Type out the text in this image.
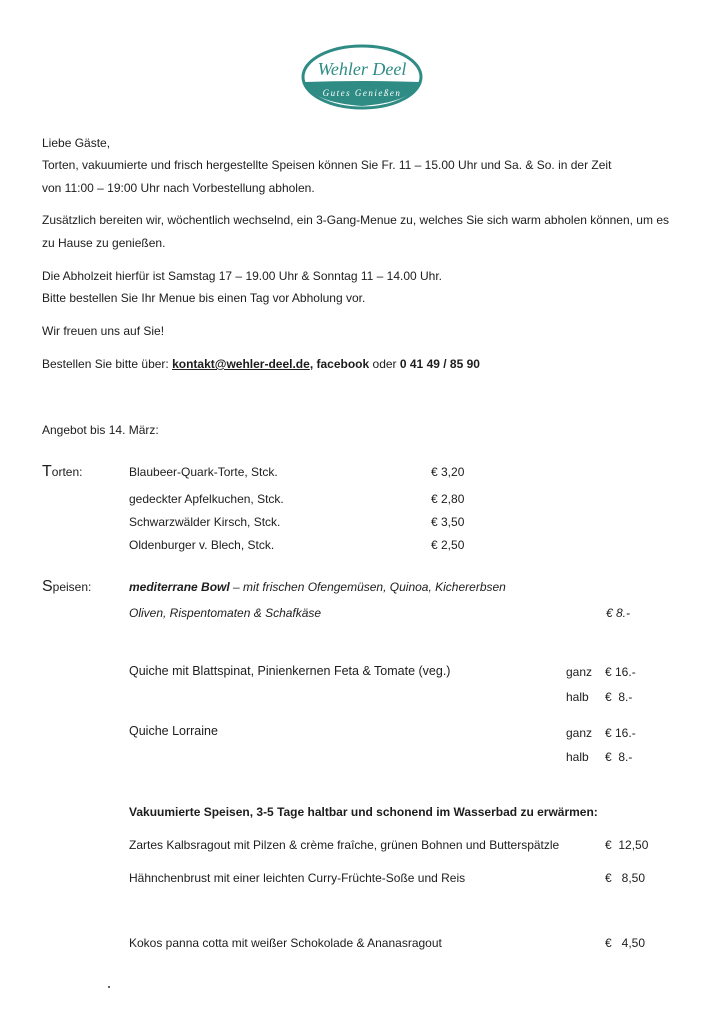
Wehler Deel
Gutes Genießen
Liebe Gäste,
Torten, vakuumierte und frisch hergestellte Speisen können Sie Fr. 11 – 15.00 Uhr und Sa. & So. in der Zeit
von 11:00 – 19:00 Uhr nach Vorbestellung abholen.
Zusätzlich bereiten wir, wöchentlich wechselnd, ein 3-Gang-Menue zu, welches Sie sich warm abholen können, um es
zu Hause zu genießen.
Die Abholzeit hierfür ist Samstag 17 – 19.00 Uhr & Sonntag 11 – 14.00 Uhr.
Bitte bestellen Sie Ihr Menue bis einen Tag vor Abholung vor.
Wir freuen uns auf Sie!
Bestellen Sie bitte über: kontakt@wehler-deel.de, facebook oder 0 41 49 / 85 90
Angebot bis 14. März:
Torten:	Blaubeer-Quark-Torte, Stck.	€ 3,20
gedeckter Apfelkuchen, Stck.	€ 2,80
Schwarzwälder Kirsch, Stck.	€ 3,50
Oldenburger v. Blech, Stck.	€ 2,50
Speisen:	mediterrane Bowl – mit frischen Ofengemüsen, Quinoa, Kichererbsen
Oliven, Rispentomaten & Schafkäse	€ 8.-
Quiche mit Blattspinat, Pinienkernen Feta & Tomate (veg.)	ganz € 16.-
halb €  8.-
Quiche Lorraine	ganz € 16.-
halb €  8.-
Vakuumierte Speisen, 3-5 Tage haltbar und schonend im Wasserbad zu erwärmen:
Zartes Kalbsragout mit Pilzen & crème fraîche, grünen Bohnen und Butterspätzle	€  12,50
Hähnchenbrust mit einer leichten Curry-Früchte-Soße und Reis	€   8,50
Kokos panna cotta mit weißer Schokolade & Ananasragout	€   4,50
